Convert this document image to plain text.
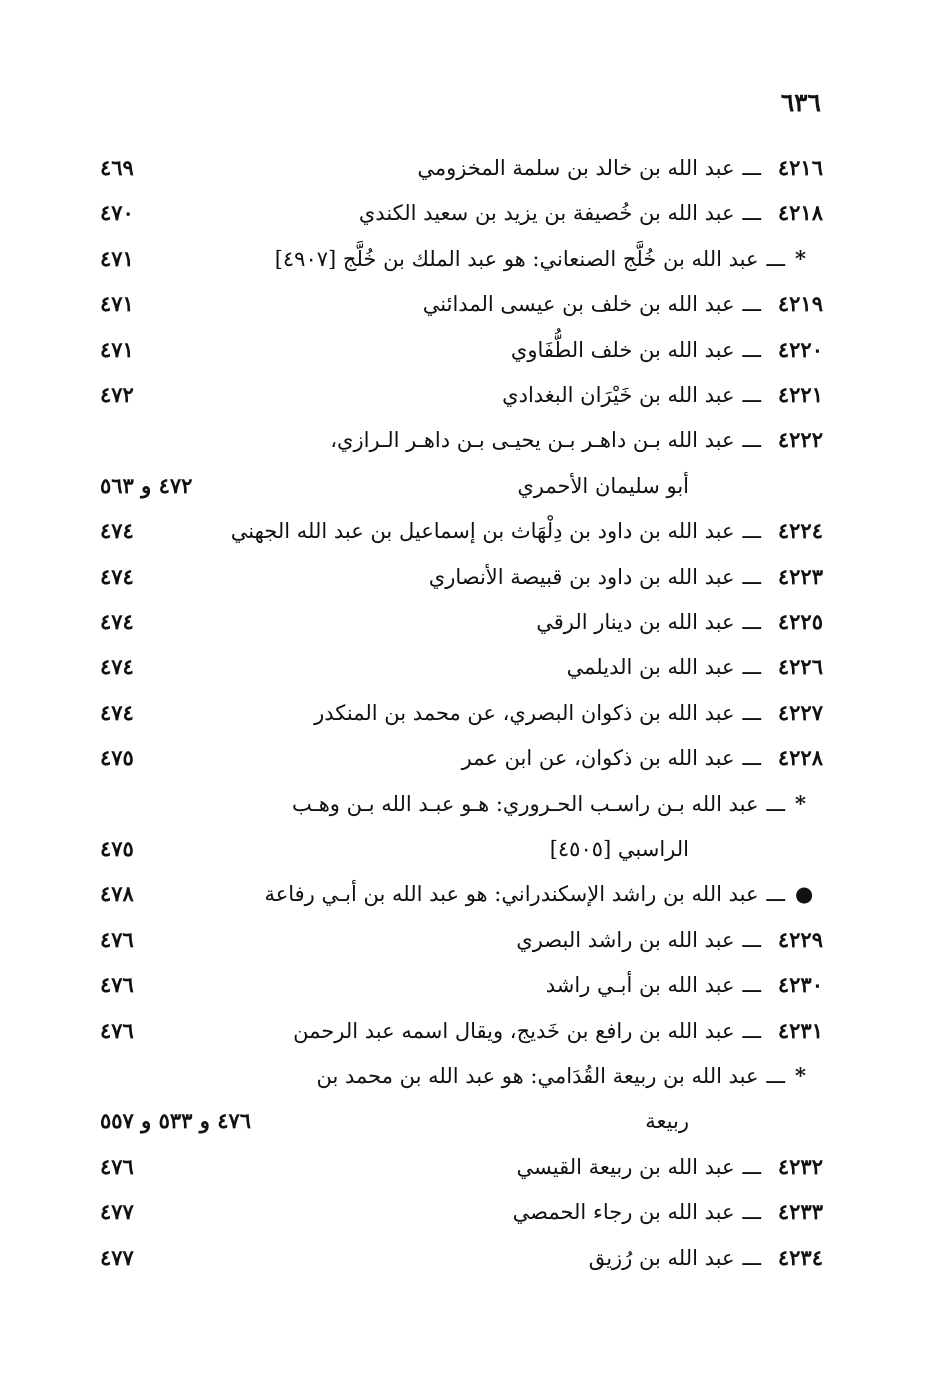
٦٣٦
٤٢١٦ـــعبد الله بن خالد بن سلمة المخزومي
٤٦٩
٤٢١٨ـــعبد الله بن خُصيفة بن يزيد بن سعيد الكندي
٤٧٠
*ـــعبد الله بن خُلَّج الصنعاني: هو عبد الملك بن خُلَّج [٤٩٠٧]
٤٧١
٤٢١٩ـــعبد الله بن خلف بن عيسى المدائني
٤٧١
٤٢٢٠ـــعبد الله بن خلف الطُّفَاوي
٤٧١
٤٢٢١ـــعبد الله بن خَيْرَان البغدادي
٤٧٢
٤٢٢٢ـــعبد الله بـن داهـر بـن يحيـى بـن داهـر الـرازي،
أبو سليمان الأحمري
٤٧٢ و ٥٦٣
٤٢٢٤ـــعبد الله بن داود بن دِلْهَاث بن إسماعيل بن عبد الله الجهني
٤٧٤
٤٢٢٣ـــعبد الله بن داود بن قبيصة الأنصاري
٤٧٤
٤٢٢٥ـــعبد الله بن دينار الرقي
٤٧٤
٤٢٢٦ـــعبد الله بن الديلمي
٤٧٤
٤٢٢٧ـــعبد الله بن ذكوان البصري، عن محمد بن المنكدر
٤٧٤
٤٢٢٨ـــعبد الله بن ذكوان، عن ابن عمر
٤٧٥
*ـــعبد الله بـن راسـب الحـروري: هـو عبـد الله بـن وهـب
الراسبي [٤٥٠٥]
٤٧٥
●ـــعبد الله بن راشد الإسكندراني: هو عبد الله بن أبـي رفاعة
٤٧٨
٤٢٢٩ـــعبد الله بن راشد البصري
٤٧٦
٤٢٣٠ـــعبد الله بن أبـي راشد
٤٧٦
٤٢٣١ـــعبد الله بن رافع بن خَديج، ويقال اسمه عبد الرحمن
٤٧٦
*ـــعبد الله بن ربيعة القُدَامي: هو عبد الله بن محمد بن
ربيعة
٤٧٦ و ٥٣٣ و ٥٥٧
٤٢٣٢ـــعبد الله بن ربيعة القيسي
٤٧٦
٤٢٣٣ـــعبد الله بن رجاء الحمصي
٤٧٧
٤٢٣٤ـــعبد الله بن رُزيق
٤٧٧
